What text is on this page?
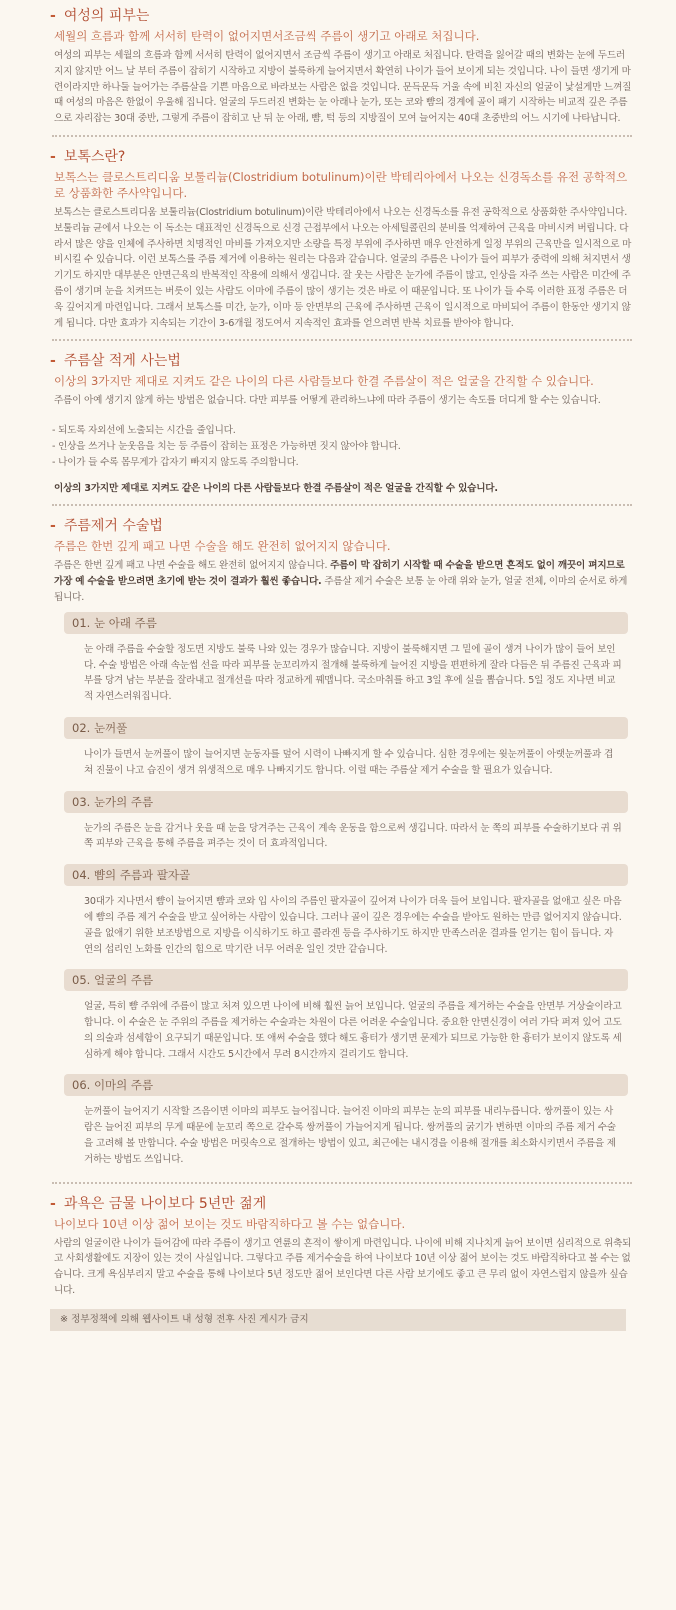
- 여성의 피부는
세월의 흐름과 함께 서서히 탄력이 없어지면서조금씩 주름이 생기고 아래로 처집니다.
여성의 피부는 세월의 흐름과 함께 서서히 탄력이 없어지면서 조금씩 주름이 생기고 아래로 처집니다. 탄력을 잃어갈 때의 변화는 눈에 두드러지지 않지만 어느 날 부터 주름이 잡히기 시작하고 지방이 불룩하게 늘어지면서 확연히 나이가 들어 보이게 되는 것입니다. 나이 들면 생기게 마련이라지만 하나둘 늘어가는 주름살을 기쁜 마음으로 바라보는 사람은 없을 것입니다. 문득문득 거울 속에 비친 자신의 얼굴이 낯설게만 느껴질 때 여성의 마음은 한없이 우울해 집니다. 얼굴의 두드러진 변화는 눈 아래나 눈가, 또는 코와 뺨의 경계에 골이 패기 시작하는 비교적 깊은 주름으로 자리잡는 30대 중반, 그렇게 주름이 잡히고 난 뒤 눈 아래, 뺨, 턱 등의 지방질이 모여 늘어지는 40대 초중반의 어느 시기에 나타납니다.
- 보톡스란?
보톡스는 클로스트리디움 보툴리늄(Clostridium botulinum)이란 박테리아에서 나오는 신경독소를 유전 공학적으로 상품화한 주사약입니다.
보톡스는 클로스트리디움 보툴리늄(Clostridium botulinum)이란 박테리아에서 나오는 신경독소를 유전 공학적으로 상품화한 주사약입니다. 보툴리늄 균에서 나오는 이 독소는 대표적인 신경독으로 신경 근접부에서 나오는 아세틸콜린의 분비를 억제하여 근육을 마비시켜 버립니다. 다라서 많은 양을 인체에 주사하면 치명적인 마비를 가져오지만 소량을 특정 부위에 주사하면 매우 안전하게 일정 부위의 근육만을 일시적으로 마비시킬 수 있습니다. 이런 보톡스를 주름 제거에 이용하는 원리는 다음과 같습니다. 얼굴의 주름은 나이가 들어 피부가 중력에 의해 처지면서 생기기도 하지만 대부분은 안면근육의 반복적인 작용에 의해서 생깁니다. 잘 웃는 사람은 눈가에 주름이 많고, 인상을 자주 쓰는 사람은 미간에 주름이 생기며 눈을 치켜뜨는 버릇이 있는 사람도 이마에 주름이 많이 생기는 것은 바로 이 때문입니다. 또 나이가 들 수록 이러한 표정 주름은 더욱 깊어지게 마련입니다. 그래서 보톡스를 미간, 눈가, 이마 등 안면부의 근육에 주사하면 근육이 일시적으로 마비되어 주름이 한동안 생기지 않게 됩니다. 다만 효과가 지속되는 기간이 3-6개월 정도여서 지속적인 효과를 얻으려면 반복 치료를 받아야 합니다.
- 주름살 적게 사는법
이상의 3가지만 제대로 지켜도 같은 나이의 다른 사람들보다 한결 주름살이 적은 얼굴을 간직할 수 있습니다.
주름이 아예 생기지 않게 하는 방법은 없습니다. 다만 피부를 어떻게 관리하느냐에 따라 주름이 생기는 속도를 더디게 할 수는 있습니다.

- 되도록 자외선에 노출되는 시간을 줄입니다.

- 인상을 쓰거나 눈웃음을 치는 등 주름이 잡히는 표정은 가능하면 짓지 않아야 합니다.

- 나이가 들 수록 몸무게가 갑자기 빠지지 않도록 주의합니다.

이상의 3가지만 제대로 지켜도 같은 나이의 다른 사람들보다 한결 주름살이 적은 얼굴을 간직할 수 있습니다.
- 주름제거 수술법
주름은 한번 깊게 패고 나면 수술을 해도 완전히 없어지지 않습니다.
주름은 한번 깊게 패고 나면 수술을 해도 완전히 없어지지 않습니다. 주름이 막 잡히기 시작할 때 수술을 받으면 흔적도 없이 깨끗이 펴지므로 가장 예 수술을 받으려면 초기에 받는 것이 결과가 훨씬 좋습니다. 주름살 제거 수술은 보통 눈 아래 위와 눈가, 얼굴 전체, 이마의 순서로 하게 됩니다.
01. 눈 아래 주름
눈 아래 주름을 수술할 정도면 지방도 불룩 나와 있는 경우가 많습니다. 지방이 불룩해지면 그 밑에 골이 생겨 나이가 많이 들어 보인다. 수술 방법은 아래 속눈썹 선을 따라 피부를 눈꼬리까지 절개해 불룩하게 늘어진 지방을 편편하게 잘라 다듬은 뒤 주름진 근육과 피부를 당겨 남는 부분을 잘라내고 절개선을 따라 정교하게 꿰맵니다. 국소마취를 하고 3일 후에 실을 뽑습니다. 5일 정도 지나면 비교적 자연스러워집니다.
02. 눈꺼풀
나이가 들면서 눈꺼풀이 많이 늘어지면 눈동자를 덮어 시력이 나빠지게 할 수 있습니다. 심한 경우에는 윗눈꺼풀이 아랫눈꺼풀과 겹쳐 진물이 나고 습진이 생겨 위생적으로 매우 나빠지기도 합니다. 이럴 때는 주름살 제거 수술을 할 필요가 있습니다.
03. 눈가의 주름
눈가의 주름은 눈을 감거나 웃을 때 눈을 당겨주는 근육이 계속 운동을 함으로써 생깁니다. 따라서 눈 쪽의 피부를 수술하기보다 귀 위쪽 피부와 근육을 통해 주름을 펴주는 것이 더 효과적입니다.
04. 뺨의 주름과 팔자골
30대가 지나면서 뺨이 늘어지면 뺨과 코와 입 사이의 주름인 팔자골이 깊어져 나이가 더욱 들어 보입니다. 팔자골을 없애고 싶은 마음에 뺨의 주름 제거 수술을 받고 싶어하는 사람이 있습니다. 그러나 골이 깊은 경우에는 수술을 받아도 원하는 만큼 없어지지 않습니다. 골을 없애기 위한 보조방법으로 지방을 이식하기도 하고 콜라겐 등을 주사하기도 하지만 만족스러운 결과를 얻기는 힘이 듭니다. 자연의 섭리인 노화를 인간의 힘으로 막기란 너무 어려운 일인 것만 같습니다.
05. 얼굴의 주름
얼굴, 특히 뺨 주위에 주름이 많고 처져 있으면 나이에 비해 훨씬 늙어 보입니다. 얼굴의 주름을 제거하는 수술을 안면부 거상술이라고 합니다. 이 수술은 눈 주위의 주름을 제거하는 수술과는 차원이 다른 어려운 수술입니다. 중요한 안면신경이 여러 가닥 퍼져 있어 고도의 의술과 섬세함이 요구되기 때문입니다. 또 애써 수술을 했다 해도 흉터가 생기면 문제가 되므로 가능한 한 흉터가 보이지 않도록 세심하게 해야 합니다. 그래서 시간도 5시간에서 무려 8시간까지 걸리기도 합니다.
06. 이마의 주름
눈꺼풀이 늘어지기 시작할 즈음이면 이마의 피부도 늘어집니다. 늘어진 이마의 피부는 눈의 피부를 내리누릅니다. 쌍꺼풀이 있는 사람은 늘어진 피부의 무게 때문에 눈꼬리 쪽으로 갈수록 쌍꺼풀이 가늘어지게 됩니다. 쌍꺼풀의 굵기가 변하면 이마의 주름 제거 수술을 고려해 볼 만합니다. 수술 방법은 머릿속으로 절개하는 방법이 있고, 최근에는 내시경을 이용해 절개를 최소화시키면서 주름을 제거하는 방법도 쓰입니다.
- 과욕은 금물 나이보다 5년만 젊게
나이보다 10년 이상 젊어 보이는 것도 바람직하다고 볼 수는 없습니다.
사람의 얼굴이란 나이가 들어감에 따라 주름이 생기고 연륜의 흔적이 쌓이게 마련입니다. 나이에 비해 지나치게 늙어 보이면 심리적으로 위축되고 사회생활에도 지장이 있는 것이 사실입니다. 그렇다고 주름 제거수술을 하여 나이보다 10년 이상 젊어 보이는 것도 바람직하다고 볼 수는 없습니다. 크게 욕심부리지 말고 수술을 통해 나이보다 5년 정도만 젊어 보인다면 다른 사람 보기에도 좋고 큰 무리 없이 자연스럽지 않을까 싶습니다.
※ 정부정책에 의해 웹사이트 내 성형 전후 사진 게시가 금지
